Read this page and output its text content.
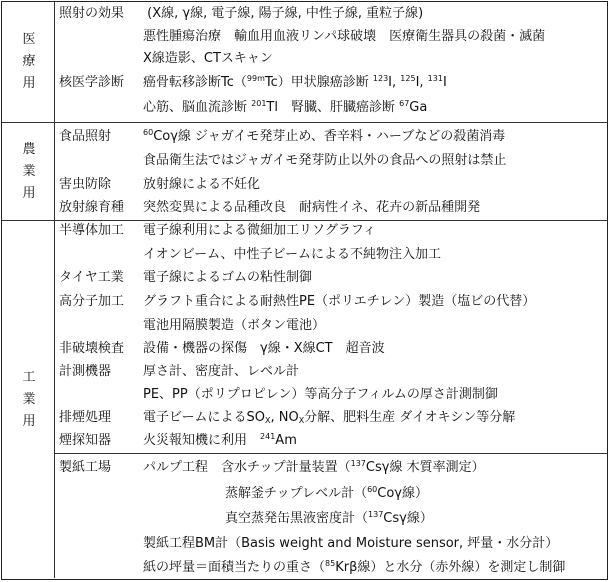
医
療
用
照射の効果 (X線, γ線, 電子線, 陽子線, 中性子線, 重粒子線)
悪性腫瘍治療　輸血用血液リンパ球破壊　医療衛生器具の殺菌・滅菌
X線造影、CTスキャン
核医学診断 癌骨転移診断Tc（$^{99m}$Tc）甲状腺癌診断 $^{123}$I, $^{125}$I, $^{131}$I
心筋、脳血流診断 $^{201}$Tl　腎臓、肝臓癌診断 $^{67}$Ga
農
業
用
食品照射	$^{60}$Coγ線 ジャガイモ発芽止め、香辛料・ハーブなどの殺菌消毒
食品衛生法ではジャガイモ発芽防止以外の食品への照射は禁止
害虫防除 放射線による不妊化
放射線育種 突然変異による品種改良　耐病性イネ、花卉の新品種開発
工
業
用
半導体加工 電子線利用による微細加工リソグラフィ
イオンビーム、中性子ビームによる不純物注入加工
タイヤ工業 電子線によるゴムの粘性制御
高分子加工 グラフト重合による耐熱性PE（ポリエチレン）製造（塩ビの代替）
電池用隔膜製造（ボタン電池）
非破壊検査 設備・機器の探傷　γ線・X線CT　超音波
計測機器 厚さ計、密度計、レベル計
PE、PP（ポリプロピレン）等高分子フィルムの厚さ計測制御
排煙処理 電子ビームによる$SO_X$, $NO_X$分解、肥料生産 ダイオキシン等分解
煙探知器 火災報知機に利用　$^{241}$Am
製紙工場 パルプ工程　含水チップ計量装置（$^{137}$Csγ線 木質率測定）
蒸解釜チップレベル計（$^{60}$Coγ線）
真空蒸発缶黒液密度計（$^{137}$Csγ線）
製紙工程BM計（Basis weight and Moisture sensor, 坪量・水分計）
紙の坪量＝面積当たりの重さ（$^{85}$Krβ線）と水分（赤外線）を測定し制御
